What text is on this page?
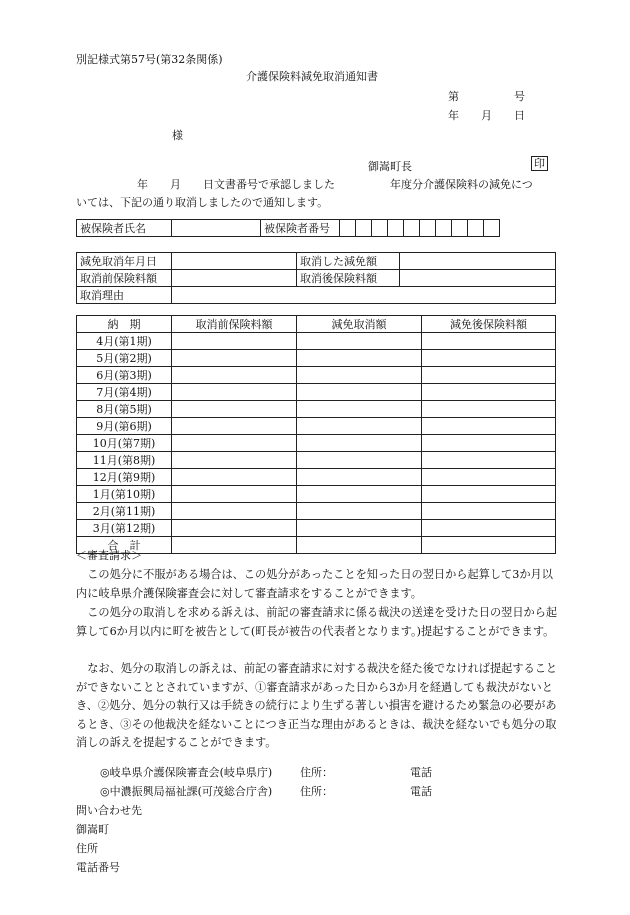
別記様式第57号(第32条関係)
介護保険料減免取消通知書
第　　　　　号
年　　月　　日
様
御嵩町長	印
年　　月　　日文書番号で承認しました　　　　　年度分介護保険料の減免につ
いては、下記の通り取消しましたので通知します。
被保険者氏名		被保険者番号										
減免取消年月日		取消した減免額	
取消前保険料額		取消後保険料額	
取消理由			
納　期	取消前保険料額	減免取消額	減免後保険料額
4月(第1期)			
5月(第2期)			
6月(第3期)			
7月(第4期)			
8月(第5期)			
9月(第6期)			
10月(第7期)			
11月(第8期)			
12月(第9期)			
1月(第10期)			
2月(第11期)			
3月(第12期)			
合　計			
＜審査請求＞
この処分に不服がある場合は、この処分があったことを知った日の翌日から起算して3か月以内に岐阜県介護保険審査会に対して審査請求をすることができます。
この処分の取消しを求める訴えは、前記の審査請求に係る裁決の送達を受けた日の翌日から起算して6か月以内に町を被告として(町長が被告の代表者となります。)提起することができます。
なお、処分の取消しの訴えは、前記の審査請求に対する裁決を経た後でなければ提起することができないこととされていますが、①審査請求があった日から3か月を経過しても裁決がないとき、②処分、処分の執行又は手続きの続行により生ずる著しい損害を避けるため緊急の必要があるとき、③その他裁決を経ないことにつき正当な理由があるときは、裁決を経ないでも処分の取消しの訴えを提起することができます。
◎岐阜県介護保険審査会(岐阜県庁)	住所：	電話
◎中濃振興局福祉課(可茂総合庁舎)	住所：	電話
問い合わせ先
御嵩町
住所
電話番号
